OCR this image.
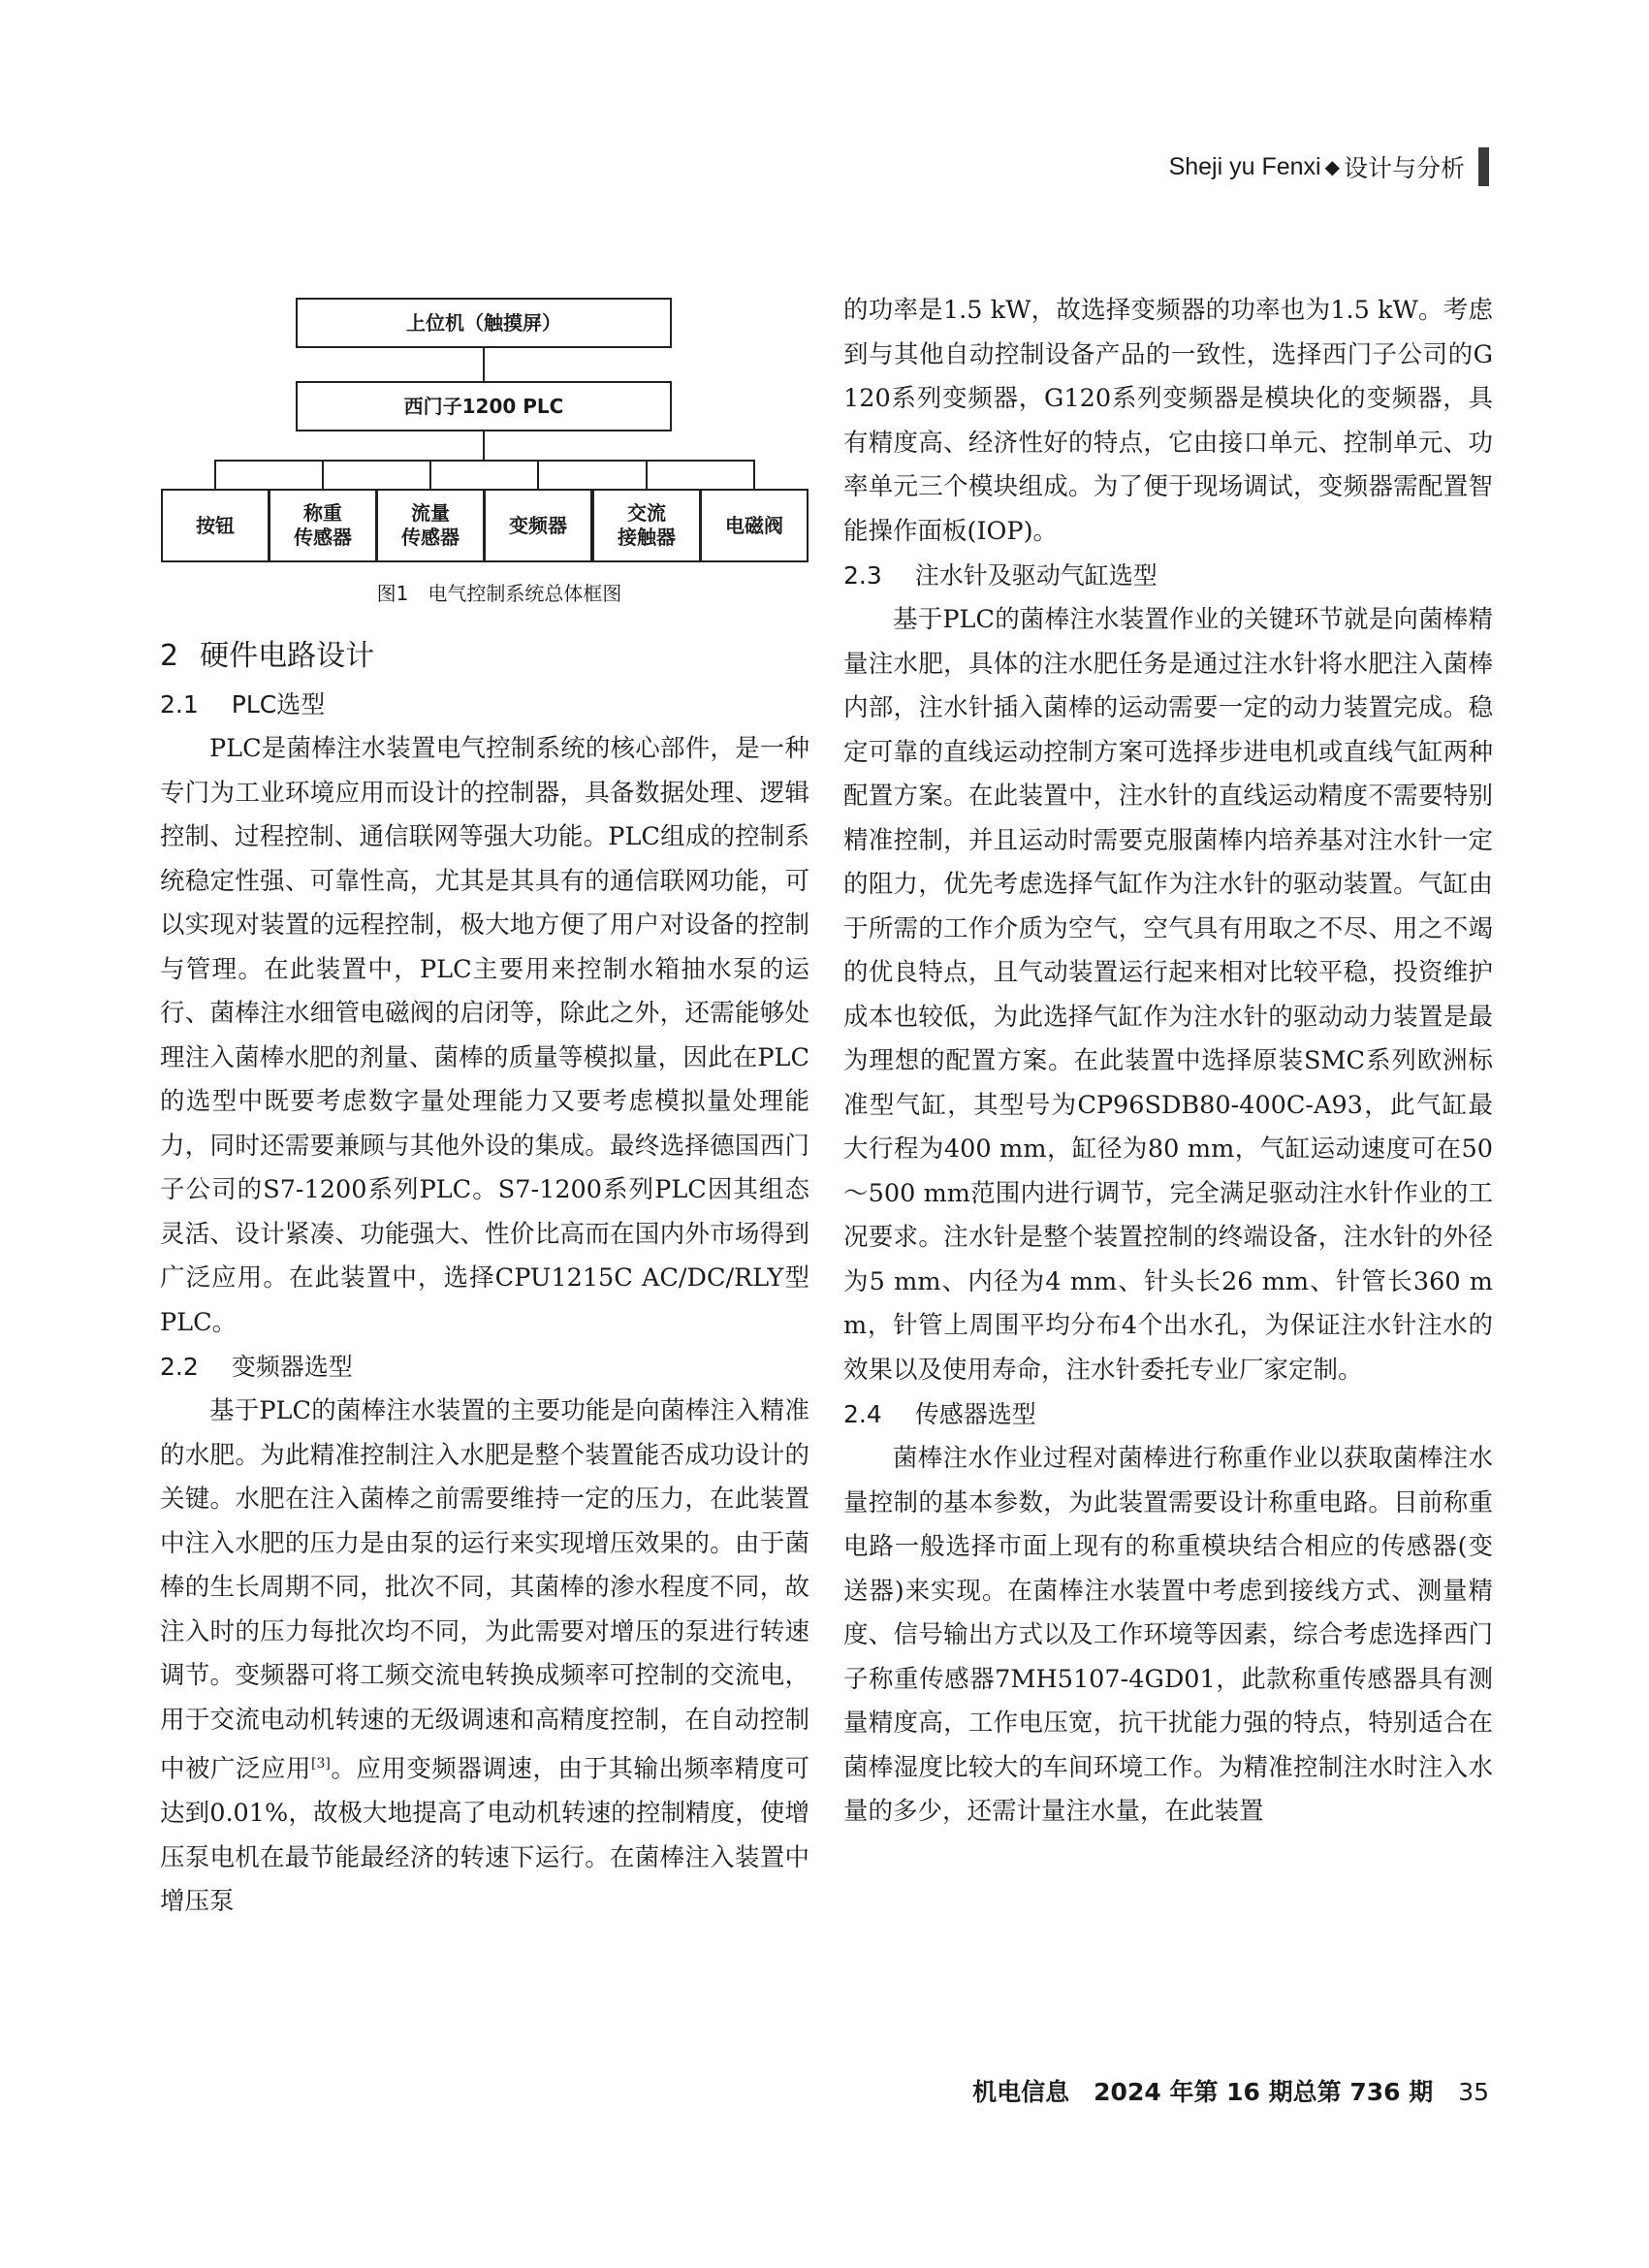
Sheji yu Fenxi ◆ 设计与分析
上位机（触摸屏）
西门子1200 PLC
按钮
称重
传感器
流量
传感器
变频器
交流
接触器
电磁阀
图1　电气控制系统总体框图
2 硬件电路设计
2.1 PLC选型

PLC是菌棒注水装置电气控制系统的核心部件，是一种专门为工业环境应用而设计的控制器，具备数据处理、逻辑控制、过程控制、通信联网等强大功能。PLC组成的控制系统稳定性强、可靠性高，尤其是其具有的通信联网功能，可以实现对装置的远程控制，极大地方便了用户对设备的控制与管理。在此装置中，PLC主要用来控制水箱抽水泵的运行、菌棒注水细管电磁阀的启闭等，除此之外，还需能够处理注入菌棒水肥的剂量、菌棒的质量等模拟量，因此在PLC的选型中既要考虑数字量处理能力又要考虑模拟量处理能力，同时还需要兼顾与其他外设的集成。最终选择德国西门子公司的S7-1200系列PLC。S7-1200系列PLC因其组态灵活、设计紧凑、功能强大、性价比高而在国内外市场得到广泛应用。在此装置中，选择CPU1215C AC/DC/RLY型PLC。

2.2 变频器选型

基于PLC的菌棒注水装置的主要功能是向菌棒注入精准的水肥。为此精准控制注入水肥是整个装置能否成功设计的关键。水肥在注入菌棒之前需要维持一定的压力，在此装置中注入水肥的压力是由泵的运行来实现增压效果的。由于菌棒的生长周期不同，批次不同，其菌棒的渗水程度不同，故注入时的压力每批次均不同，为此需要对增压的泵进行转速调节。变频器可将工频交流电转换成频率可控制的交流电，用于交流电动机转速的无级调速和高精度控制，在自动控制中被广泛应用[3]。应用变频器调速，由于其输出频率精度可达到0.01%，故极大地提高了电动机转速的控制精度，使增压泵电机在最节能最经济的转速下运行。在菌棒注入装置中增压泵

的功率是1.5 kW，故选择变频器的功率也为1.5 kW。考虑到与其他自动控制设备产品的一致性，选择西门子公司的G120系列变频器，G120系列变频器是模块化的变频器，具有精度高、经济性好的特点，它由接口单元、控制单元、功率单元三个模块组成。为了便于现场调试，变频器需配置智能操作面板(IOP)。

2.3 注水针及驱动气缸选型

基于PLC的菌棒注水装置作业的关键环节就是向菌棒精量注水肥，具体的注水肥任务是通过注水针将水肥注入菌棒内部，注水针插入菌棒的运动需要一定的动力装置完成。稳定可靠的直线运动控制方案可选择步进电机或直线气缸两种配置方案。在此装置中，注水针的直线运动精度不需要特别精准控制，并且运动时需要克服菌棒内培养基对注水针一定的阻力，优先考虑选择气缸作为注水针的驱动装置。气缸由于所需的工作介质为空气，空气具有用取之不尽、用之不竭的优良特点，且气动装置运行起来相对比较平稳，投资维护成本也较低，为此选择气缸作为注水针的驱动动力装置是最为理想的配置方案。在此装置中选择原装SMC系列欧洲标准型气缸，其型号为CP96SDB80-400C-A93，此气缸最大行程为400 mm，缸径为80 mm，气缸运动速度可在50～500 mm范围内进行调节，完全满足驱动注水针作业的工况要求。注水针是整个装置控制的终端设备，注水针的外径为5 mm、内径为4 mm、针头长26 mm、针管长360 mm，针管上周围平均分布4个出水孔，为保证注水针注水的效果以及使用寿命，注水针委托专业厂家定制。

2.4 传感器选型

菌棒注水作业过程对菌棒进行称重作业以获取菌棒注水量控制的基本参数，为此装置需要设计称重电路。目前称重电路一般选择市面上现有的称重模块结合相应的传感器(变送器)来实现。在菌棒注水装置中考虑到接线方式、测量精度、信号输出方式以及工作环境等因素，综合考虑选择西门子称重传感器7MH5107-4GD01，此款称重传感器具有测量精度高，工作电压宽，抗干扰能力强的特点，特别适合在菌棒湿度比较大的车间环境工作。为精准控制注水时注入水量的多少，还需计量注水量，在此装置

机电信息　2024 年第 16 期总第 736 期 35
